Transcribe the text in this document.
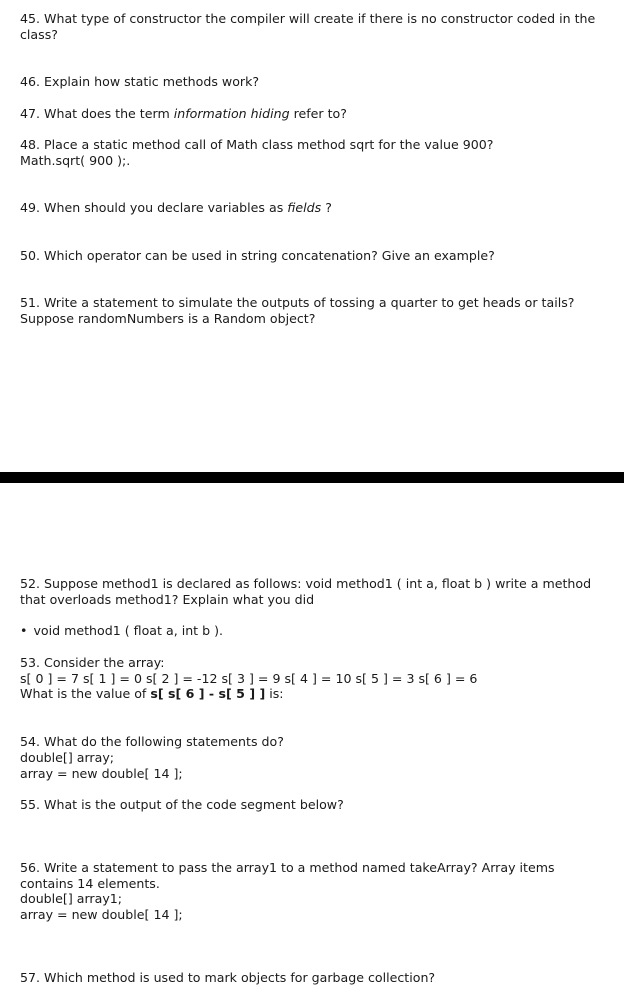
45. What type of constructor the compiler will create if there is no constructor coded in the
class?
46. Explain how static methods work?
47. What does the term information hiding refer to?
48. Place a static method call of Math class method sqrt for the value 900?
Math.sqrt( 900 );.
49. When should you declare variables as fields ?
50. Which operator can be used in string concatenation? Give an example?
51. Write a statement to simulate the outputs of tossing a quarter to get heads or tails?
Suppose randomNumbers is a Random object?
52. Suppose method1 is declared as follows: void method1 ( int a, float b ) write a method
that overloads method1? Explain what you did
• void method1 ( float a, int b ).
53. Consider the array:
s[ 0 ] = 7 s[ 1 ] = 0 s[ 2 ] = -12 s[ 3 ] = 9 s[ 4 ] = 10 s[ 5 ] = 3 s[ 6 ] = 6
What is the value of s[ s[ 6 ] - s[ 5 ] ] is:
54. What do the following statements do?
double[] array;
array = new double[ 14 ];
55. What is the output of the code segment below?
56. Write a statement to pass the array1 to a method named takeArray? Array items
contains 14 elements.
double[] array1;
array = new double[ 14 ];
57. Which method is used to mark objects for garbage collection?
